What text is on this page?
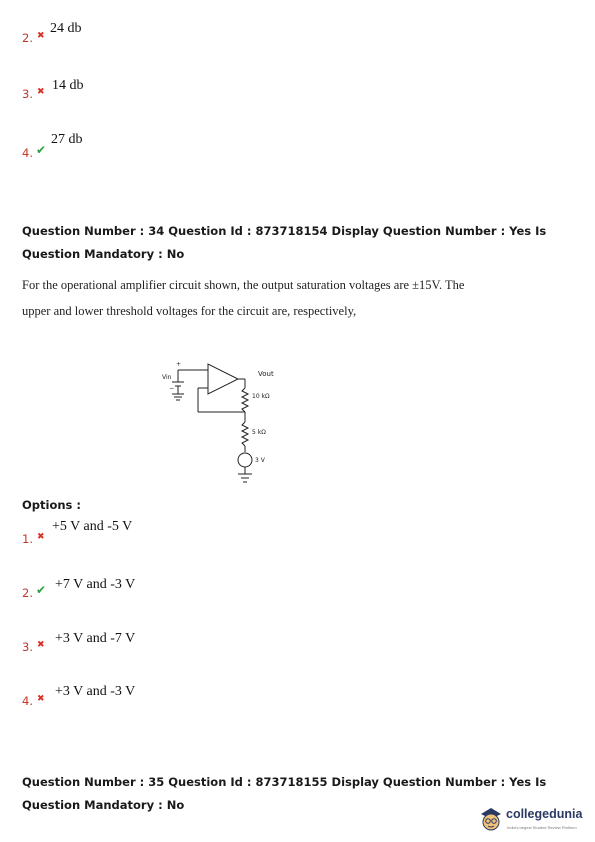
2. ✖ 24 db
3. ✖ 14 db
4. ✔
27 db
Question Number : 34 Question Id : 873718154 Display Question Number : Yes Is Question Mandatory : No
For the operational amplifier circuit shown, the output saturation voltages are ±15V. The
upper and lower threshold voltages for the circuit are, respectively,
+
Vin
−
Vout
10 kΩ
5 kΩ
3 V
Options :
1. ✖
+5 V and -5 V
2. ✔ +7 V and -3 V
3. ✖ +3 V and -7 V
4. ✖ +3 V and -3 V
Question Number : 35 Question Id : 873718155 Display Question Number : Yes Is Question Mandatory : No
collegedunia
India's largest Student Review Platform
